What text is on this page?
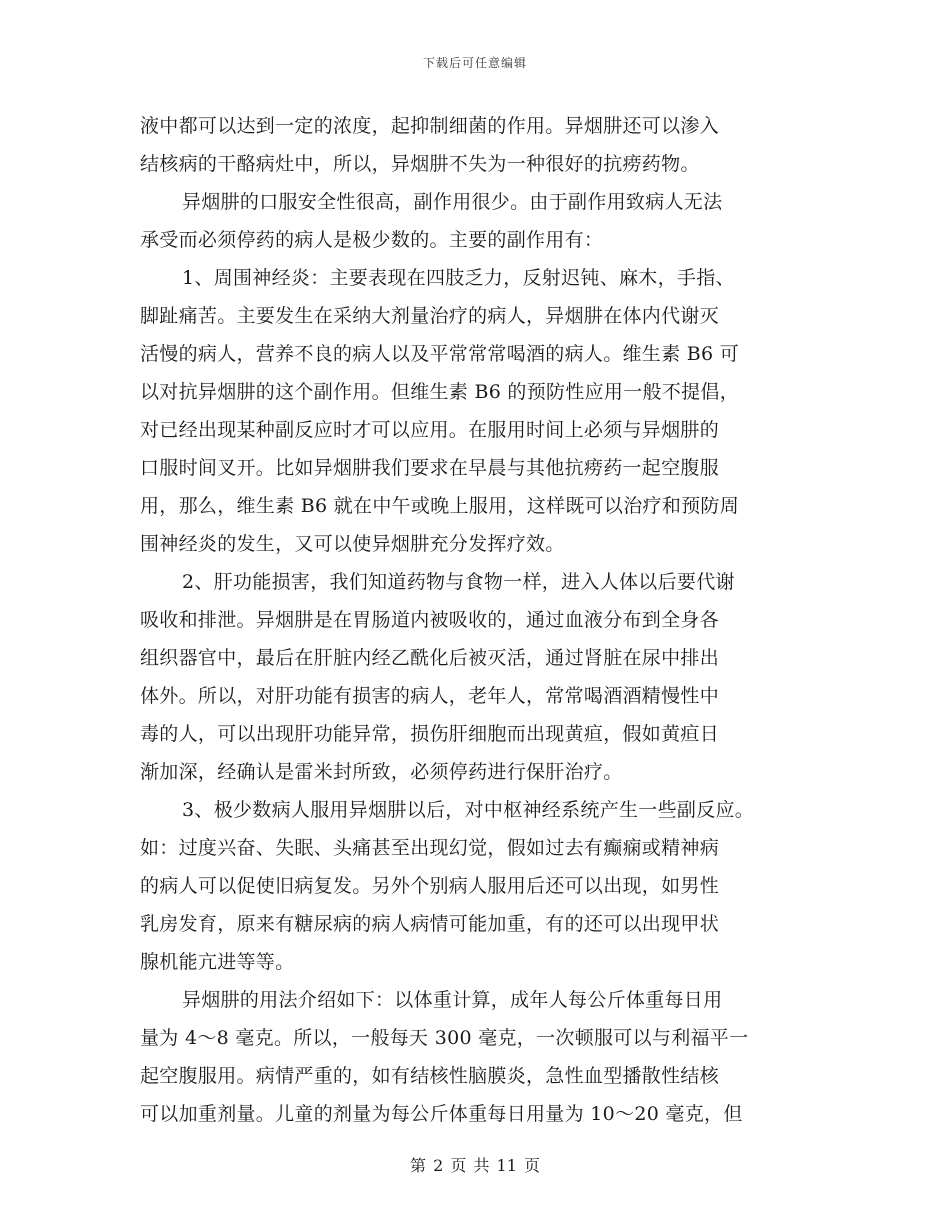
下载后可任意编辑
液中都可以达到一定的浓度，起抑制细菌的作用。异烟肼还可以渗入
结核病的干酪病灶中，所以，异烟肼不失为一种很好的抗痨药物。
异烟肼的口服安全性很高，副作用很少。由于副作用致病人无法
承受而必须停药的病人是极少数的。主要的副作用有：
1、周围神经炎：主要表现在四肢乏力，反射迟钝、麻木，手指、
脚趾痛苦。主要发生在采纳大剂量治疗的病人，异烟肼在体内代谢灭
活慢的病人，营养不良的病人以及平常常常喝酒的病人。维生素 B6 可
以对抗异烟肼的这个副作用。但维生素 B6 的预防性应用一般不提倡，
对已经出现某种副反应时才可以应用。在服用时间上必须与异烟肼的
口服时间叉开。比如异烟肼我们要求在早晨与其他抗痨药一起空腹服
用，那么，维生素 B6 就在中午或晚上服用，这样既可以治疗和预防周
围神经炎的发生，又可以使异烟肼充分发挥疗效。
2、肝功能损害，我们知道药物与食物一样，进入人体以后要代谢
吸收和排泄。异烟肼是在胃肠道内被吸收的，通过血液分布到全身各
组织器官中，最后在肝脏内经乙酰化后被灭活，通过肾脏在尿中排出
体外。所以，对肝功能有损害的病人，老年人，常常喝酒酒精慢性中
毒的人，可以出现肝功能异常，损伤肝细胞而出现黄疸，假如黄疸日
渐加深，经确认是雷米封所致，必须停药进行保肝治疗。
3、极少数病人服用异烟肼以后，对中枢神经系统产生一些副反应。
如：过度兴奋、失眠、头痛甚至出现幻觉，假如过去有癫痫或精神病
的病人可以促使旧病复发。另外个别病人服用后还可以出现，如男性
乳房发育，原来有糖尿病的病人病情可能加重，有的还可以出现甲状
腺机能亢进等等。
异烟肼的用法介绍如下：以体重计算，成年人每公斤体重每日用
量为 4～8 毫克。所以，一般每天 300 毫克，一次顿服可以与利福平一
起空腹服用。病情严重的，如有结核性脑膜炎，急性血型播散性结核
可以加重剂量。儿童的剂量为每公斤体重每日用量为 10～20 毫克，但
第 2 页 共 11 页
